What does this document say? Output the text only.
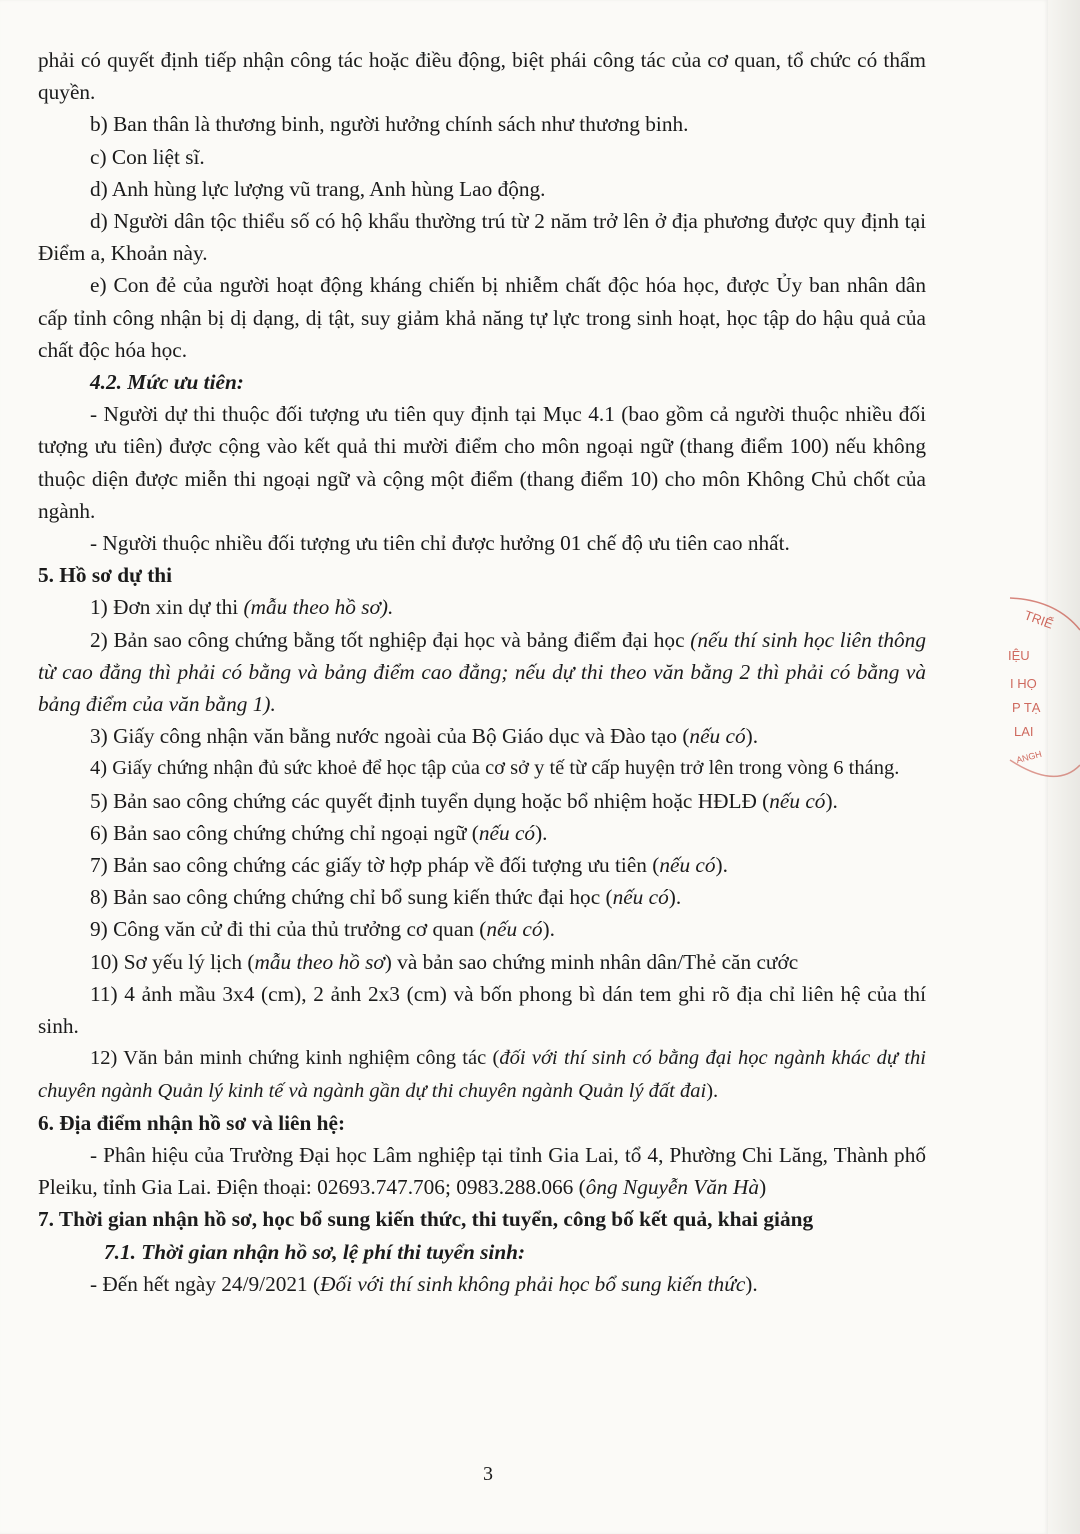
phải có quyết định tiếp nhận công tác hoặc điều động, biệt phái công tác của cơ quan, tổ chức có thẩm quyền.

b) Ban thân là thương binh, người hưởng chính sách như thương binh.

c) Con liệt sĩ.

d) Anh hùng lực lượng vũ trang, Anh hùng Lao động.

d) Người dân tộc thiểu số có hộ khẩu thường trú từ 2 năm trở lên ở địa phương được quy định tại Điểm a, Khoản này.

e) Con đẻ của người hoạt động kháng chiến bị nhiễm chất độc hóa học, được Ủy ban nhân dân cấp tỉnh công nhận bị dị dạng, dị tật, suy giảm khả năng tự lực trong sinh hoạt, học tập do hậu quả của chất độc hóa học.

4.2. Mức ưu tiên:

- Người dự thi thuộc đối tượng ưu tiên quy định tại Mục 4.1 (bao gồm cả người thuộc nhiều đối tượng ưu tiên) được cộng vào kết quả thi mười điểm cho môn ngoại ngữ (thang điểm 100) nếu không thuộc diện được miễn thi ngoại ngữ và cộng một điểm (thang điểm 10) cho môn Không Chủ chốt của ngành.

- Người thuộc nhiều đối tượng ưu tiên chỉ được hưởng 01 chế độ ưu tiên cao nhất.

5. Hồ sơ dự thi

1) Đơn xin dự thi (mẫu theo hồ sơ).

2) Bản sao công chứng bằng tốt nghiệp đại học và bảng điểm đại học (nếu thí sinh học liên thông từ cao đẳng thì phải có bằng và bảng điểm cao đẳng; nếu dự thi theo văn bằng 2 thì phải có bằng và bảng điểm của văn bằng 1).

3) Giấy công nhận văn bằng nước ngoài của Bộ Giáo dục và Đào tạo (nếu có).

4) Giấy chứng nhận đủ sức khoẻ để học tập của cơ sở y tế từ cấp huyện trở lên trong vòng 6 tháng.

5) Bản sao công chứng các quyết định tuyển dụng hoặc bổ nhiệm hoặc HĐLĐ (nếu có).

6) Bản sao công chứng chứng chỉ ngoại ngữ (nếu có).

7) Bản sao công chứng các giấy tờ hợp pháp về đối tượng ưu tiên (nếu có).

8) Bản sao công chứng chứng chỉ bổ sung kiến thức đại học (nếu có).

9) Công văn cử đi thi của thủ trưởng cơ quan (nếu có).

10) Sơ yếu lý lịch (mẫu theo hồ sơ) và bản sao chứng minh nhân dân/Thẻ căn cước

11) 4 ảnh mầu 3x4 (cm), 2 ảnh 2x3 (cm) và bốn phong bì dán tem ghi rõ địa chỉ liên hệ của thí sinh.

12) Văn bản minh chứng kinh nghiệm công tác (đối với thí sinh có bằng đại học ngành khác dự thi chuyên ngành Quản lý kinh tế và ngành gần dự thi chuyên ngành Quản lý đất đai).

6. Địa điểm nhận hồ sơ và liên hệ:

- Phân hiệu của Trường Đại học Lâm nghiệp tại tỉnh Gia Lai, tổ 4, Phường Chi Lăng, Thành phố Pleiku, tỉnh Gia Lai. Điện thoại: 02693.747.706; 0983.288.066 (ông Nguyễn Văn Hà)

7. Thời gian nhận hồ sơ, học bổ sung kiến thức, thi tuyển, công bố kết quả, khai giảng

7.1. Thời gian nhận hồ sơ, lệ phí thi tuyển sinh:

- Đến hết ngày 24/9/2021 (Đối với thí sinh không phải học bổ sung kiến thức).

3
TRIỂ
IỆU
I HỌ
P TẠ
LAI
ANGH
